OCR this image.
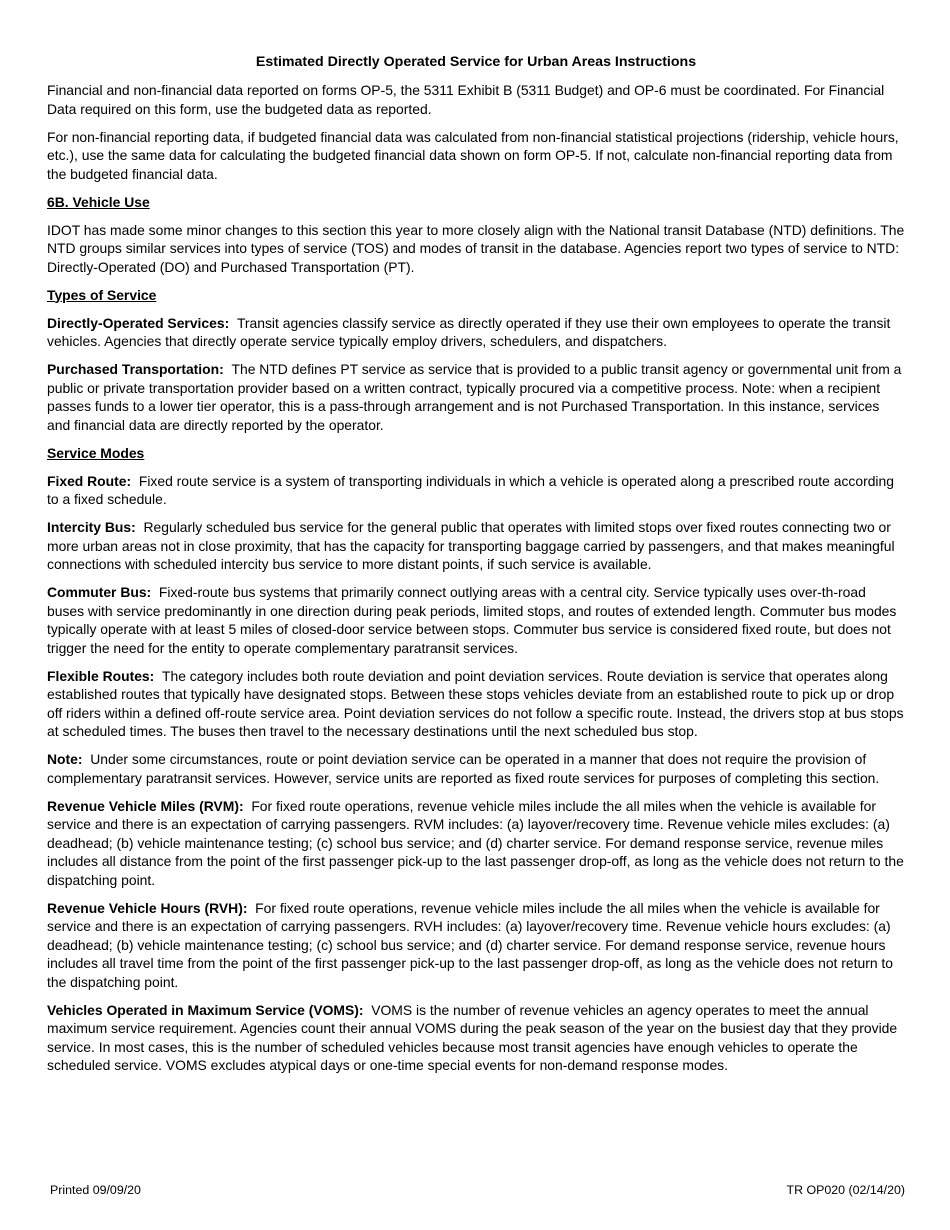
Estimated Directly Operated Service for Urban Areas Instructions

Financial and non-financial data reported on forms OP-5, the 5311 Exhibit B (5311 Budget) and OP-6 must be coordinated. For Financial Data required on this form, use the budgeted data as reported.

For non-financial reporting data, if budgeted financial data was calculated from non-financial statistical projections (ridership, vehicle hours, etc.), use the same data for calculating the budgeted financial data shown on form OP-5. If not, calculate non-financial reporting data from the budgeted financial data.

6B. Vehicle Use

IDOT has made some minor changes to this section this year to more closely align with the National transit Database (NTD) definitions. The NTD groups similar services into types of service (TOS) and modes of transit in the database. Agencies report two types of service to NTD: Directly-Operated (DO) and Purchased Transportation (PT).

Types of Service

Directly-Operated Services: Transit agencies classify service as directly operated if they use their own employees to operate the transit vehicles. Agencies that directly operate service typically employ drivers, schedulers, and dispatchers.

Purchased Transportation: The NTD defines PT service as service that is provided to a public transit agency or governmental unit from a public or private transportation provider based on a written contract, typically procured via a competitive process. Note: when a recipient passes funds to a lower tier operator, this is a pass-through arrangement and is not Purchased Transportation. In this instance, services and financial data are directly reported by the operator.

Service Modes

Fixed Route: Fixed route service is a system of transporting individuals in which a vehicle is operated along a prescribed route according to a fixed schedule.

Intercity Bus: Regularly scheduled bus service for the general public that operates with limited stops over fixed routes connecting two or more urban areas not in close proximity, that has the capacity for transporting baggage carried by passengers, and that makes meaningful connections with scheduled intercity bus service to more distant points, if such service is available.

Commuter Bus: Fixed-route bus systems that primarily connect outlying areas with a central city. Service typically uses over-th-road buses with service predominantly in one direction during peak periods, limited stops, and routes of extended length. Commuter bus modes typically operate with at least 5 miles of closed-door service between stops. Commuter bus service is considered fixed route, but does not trigger the need for the entity to operate complementary paratransit services.

Flexible Routes: The category includes both route deviation and point deviation services. Route deviation is service that operates along established routes that typically have designated stops. Between these stops vehicles deviate from an established route to pick up or drop off riders within a defined off-route service area. Point deviation services do not follow a specific route. Instead, the drivers stop at bus stops at scheduled times. The buses then travel to the necessary destinations until the next scheduled bus stop.

Note: Under some circumstances, route or point deviation service can be operated in a manner that does not require the provision of complementary paratransit services. However, service units are reported as fixed route services for purposes of completing this section.

Revenue Vehicle Miles (RVM): For fixed route operations, revenue vehicle miles include the all miles when the vehicle is available for service and there is an expectation of carrying passengers. RVM includes: (a) layover/recovery time. Revenue vehicle miles excludes: (a) deadhead; (b) vehicle maintenance testing; (c) school bus service; and (d) charter service. For demand response service, revenue miles includes all distance from the point of the first passenger pick-up to the last passenger drop-off, as long as the vehicle does not return to the dispatching point.

Revenue Vehicle Hours (RVH): For fixed route operations, revenue vehicle miles include the all miles when the vehicle is available for service and there is an expectation of carrying passengers. RVH includes: (a) layover/recovery time. Revenue vehicle hours excludes: (a) deadhead; (b) vehicle maintenance testing; (c) school bus service; and (d) charter service. For demand response service, revenue hours includes all travel time from the point of the first passenger pick-up to the last passenger drop-off, as long as the vehicle does not return to the dispatching point.

Vehicles Operated in Maximum Service (VOMS): VOMS is the number of revenue vehicles an agency operates to meet the annual maximum service requirement. Agencies count their annual VOMS during the peak season of the year on the busiest day that they provide service. In most cases, this is the number of scheduled vehicles because most transit agencies have enough vehicles to operate the scheduled service. VOMS excludes atypical days or one-time special events for non-demand response modes.

Printed 09/09/20	TR OP020 (02/14/20)
